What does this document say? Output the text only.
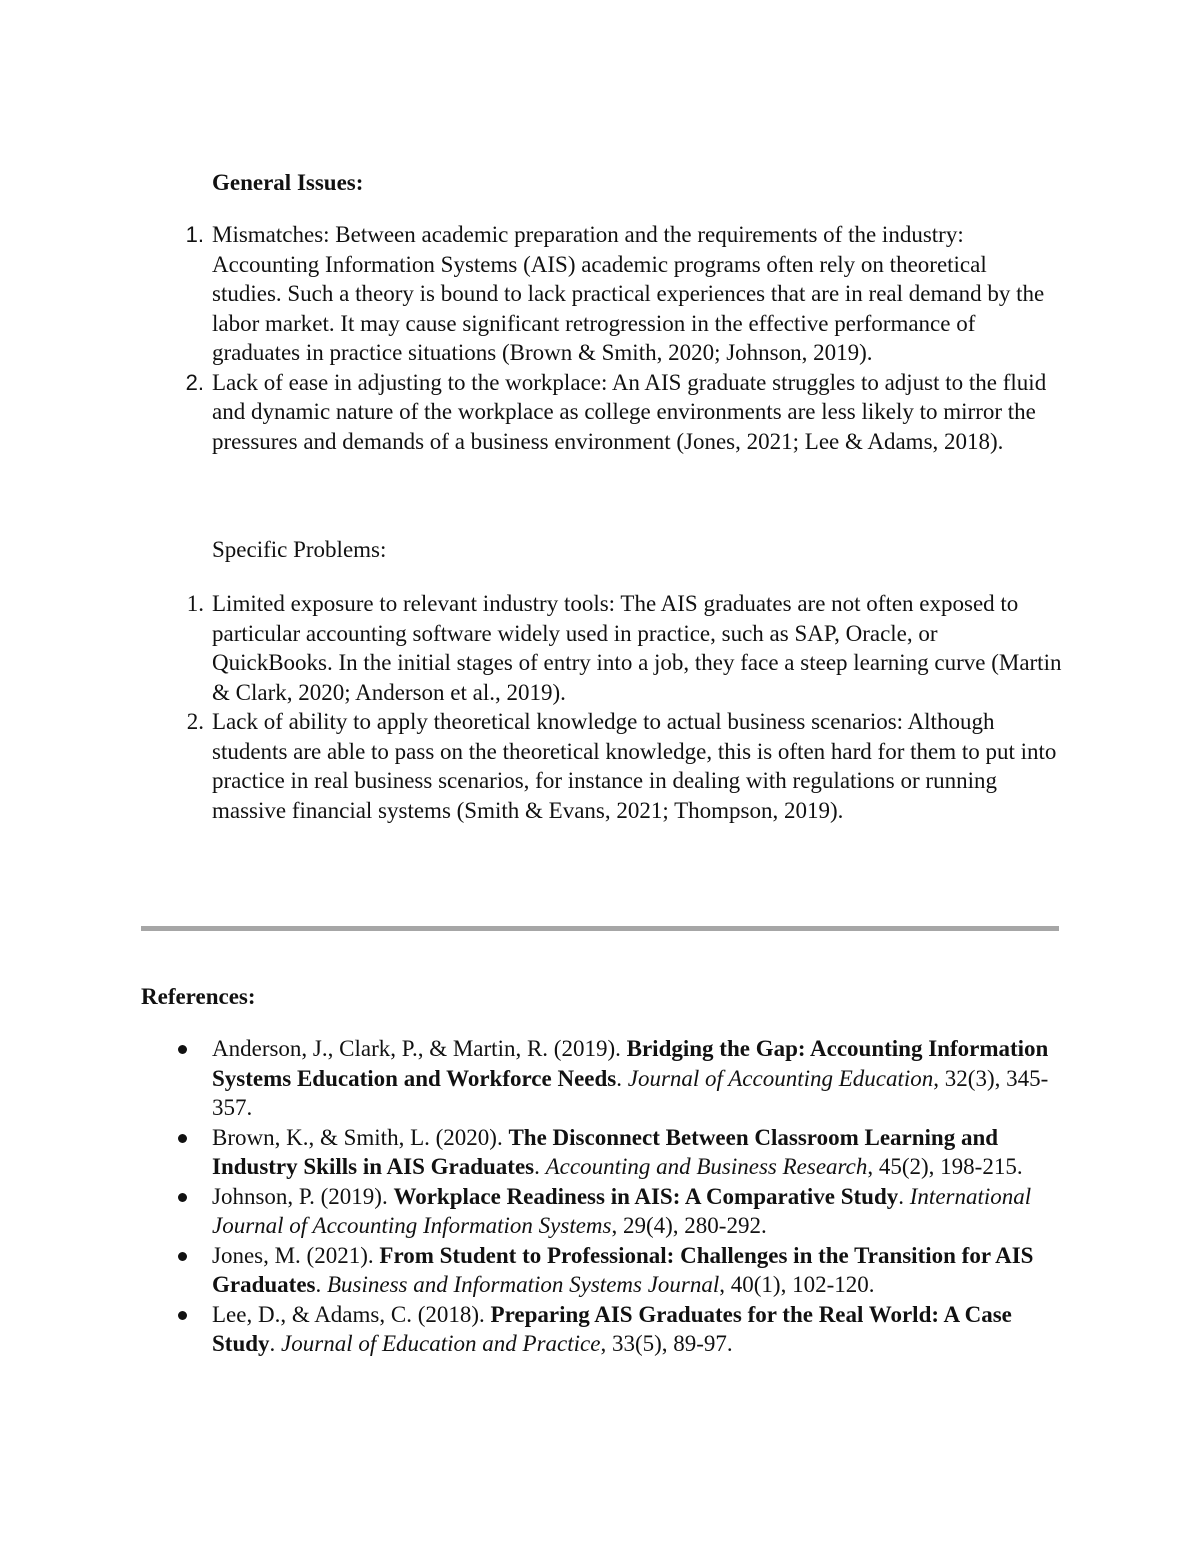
General Issues:
1. Mismatches: Between academic preparation and the requirements of the industry: Accounting Information Systems (AIS) academic programs often rely on theoretical studies. Such a theory is bound to lack practical experiences that are in real demand by the labor market. It may cause significant retrogression in the effective performance of graduates in practice situations (Brown & Smith, 2020; Johnson, 2019).
2. Lack of ease in adjusting to the workplace: An AIS graduate struggles to adjust to the fluid and dynamic nature of the workplace as college environments are less likely to mirror the pressures and demands of a business environment (Jones, 2021; Lee & Adams, 2018).
Specific Problems:
1. Limited exposure to relevant industry tools: The AIS graduates are not often exposed to particular accounting software widely used in practice, such as SAP, Oracle, or QuickBooks. In the initial stages of entry into a job, they face a steep learning curve (Martin & Clark, 2020; Anderson et al., 2019).
2. Lack of ability to apply theoretical knowledge to actual business scenarios: Although students are able to pass on the theoretical knowledge, this is often hard for them to put into practice in real business scenarios, for instance in dealing with regulations or running massive financial systems (Smith & Evans, 2021; Thompson, 2019).
References:
Anderson, J., Clark, P., & Martin, R. (2019). Bridging the Gap: Accounting Information Systems Education and Workforce Needs. Journal of Accounting Education, 32(3), 345-357.
Brown, K., & Smith, L. (2020). The Disconnect Between Classroom Learning and Industry Skills in AIS Graduates. Accounting and Business Research, 45(2), 198-215.
Johnson, P. (2019). Workplace Readiness in AIS: A Comparative Study. International Journal of Accounting Information Systems, 29(4), 280-292.
Jones, M. (2021). From Student to Professional: Challenges in the Transition for AIS Graduates. Business and Information Systems Journal, 40(1), 102-120.
Lee, D., & Adams, C. (2018). Preparing AIS Graduates for the Real World: A Case Study. Journal of Education and Practice, 33(5), 89-97.
